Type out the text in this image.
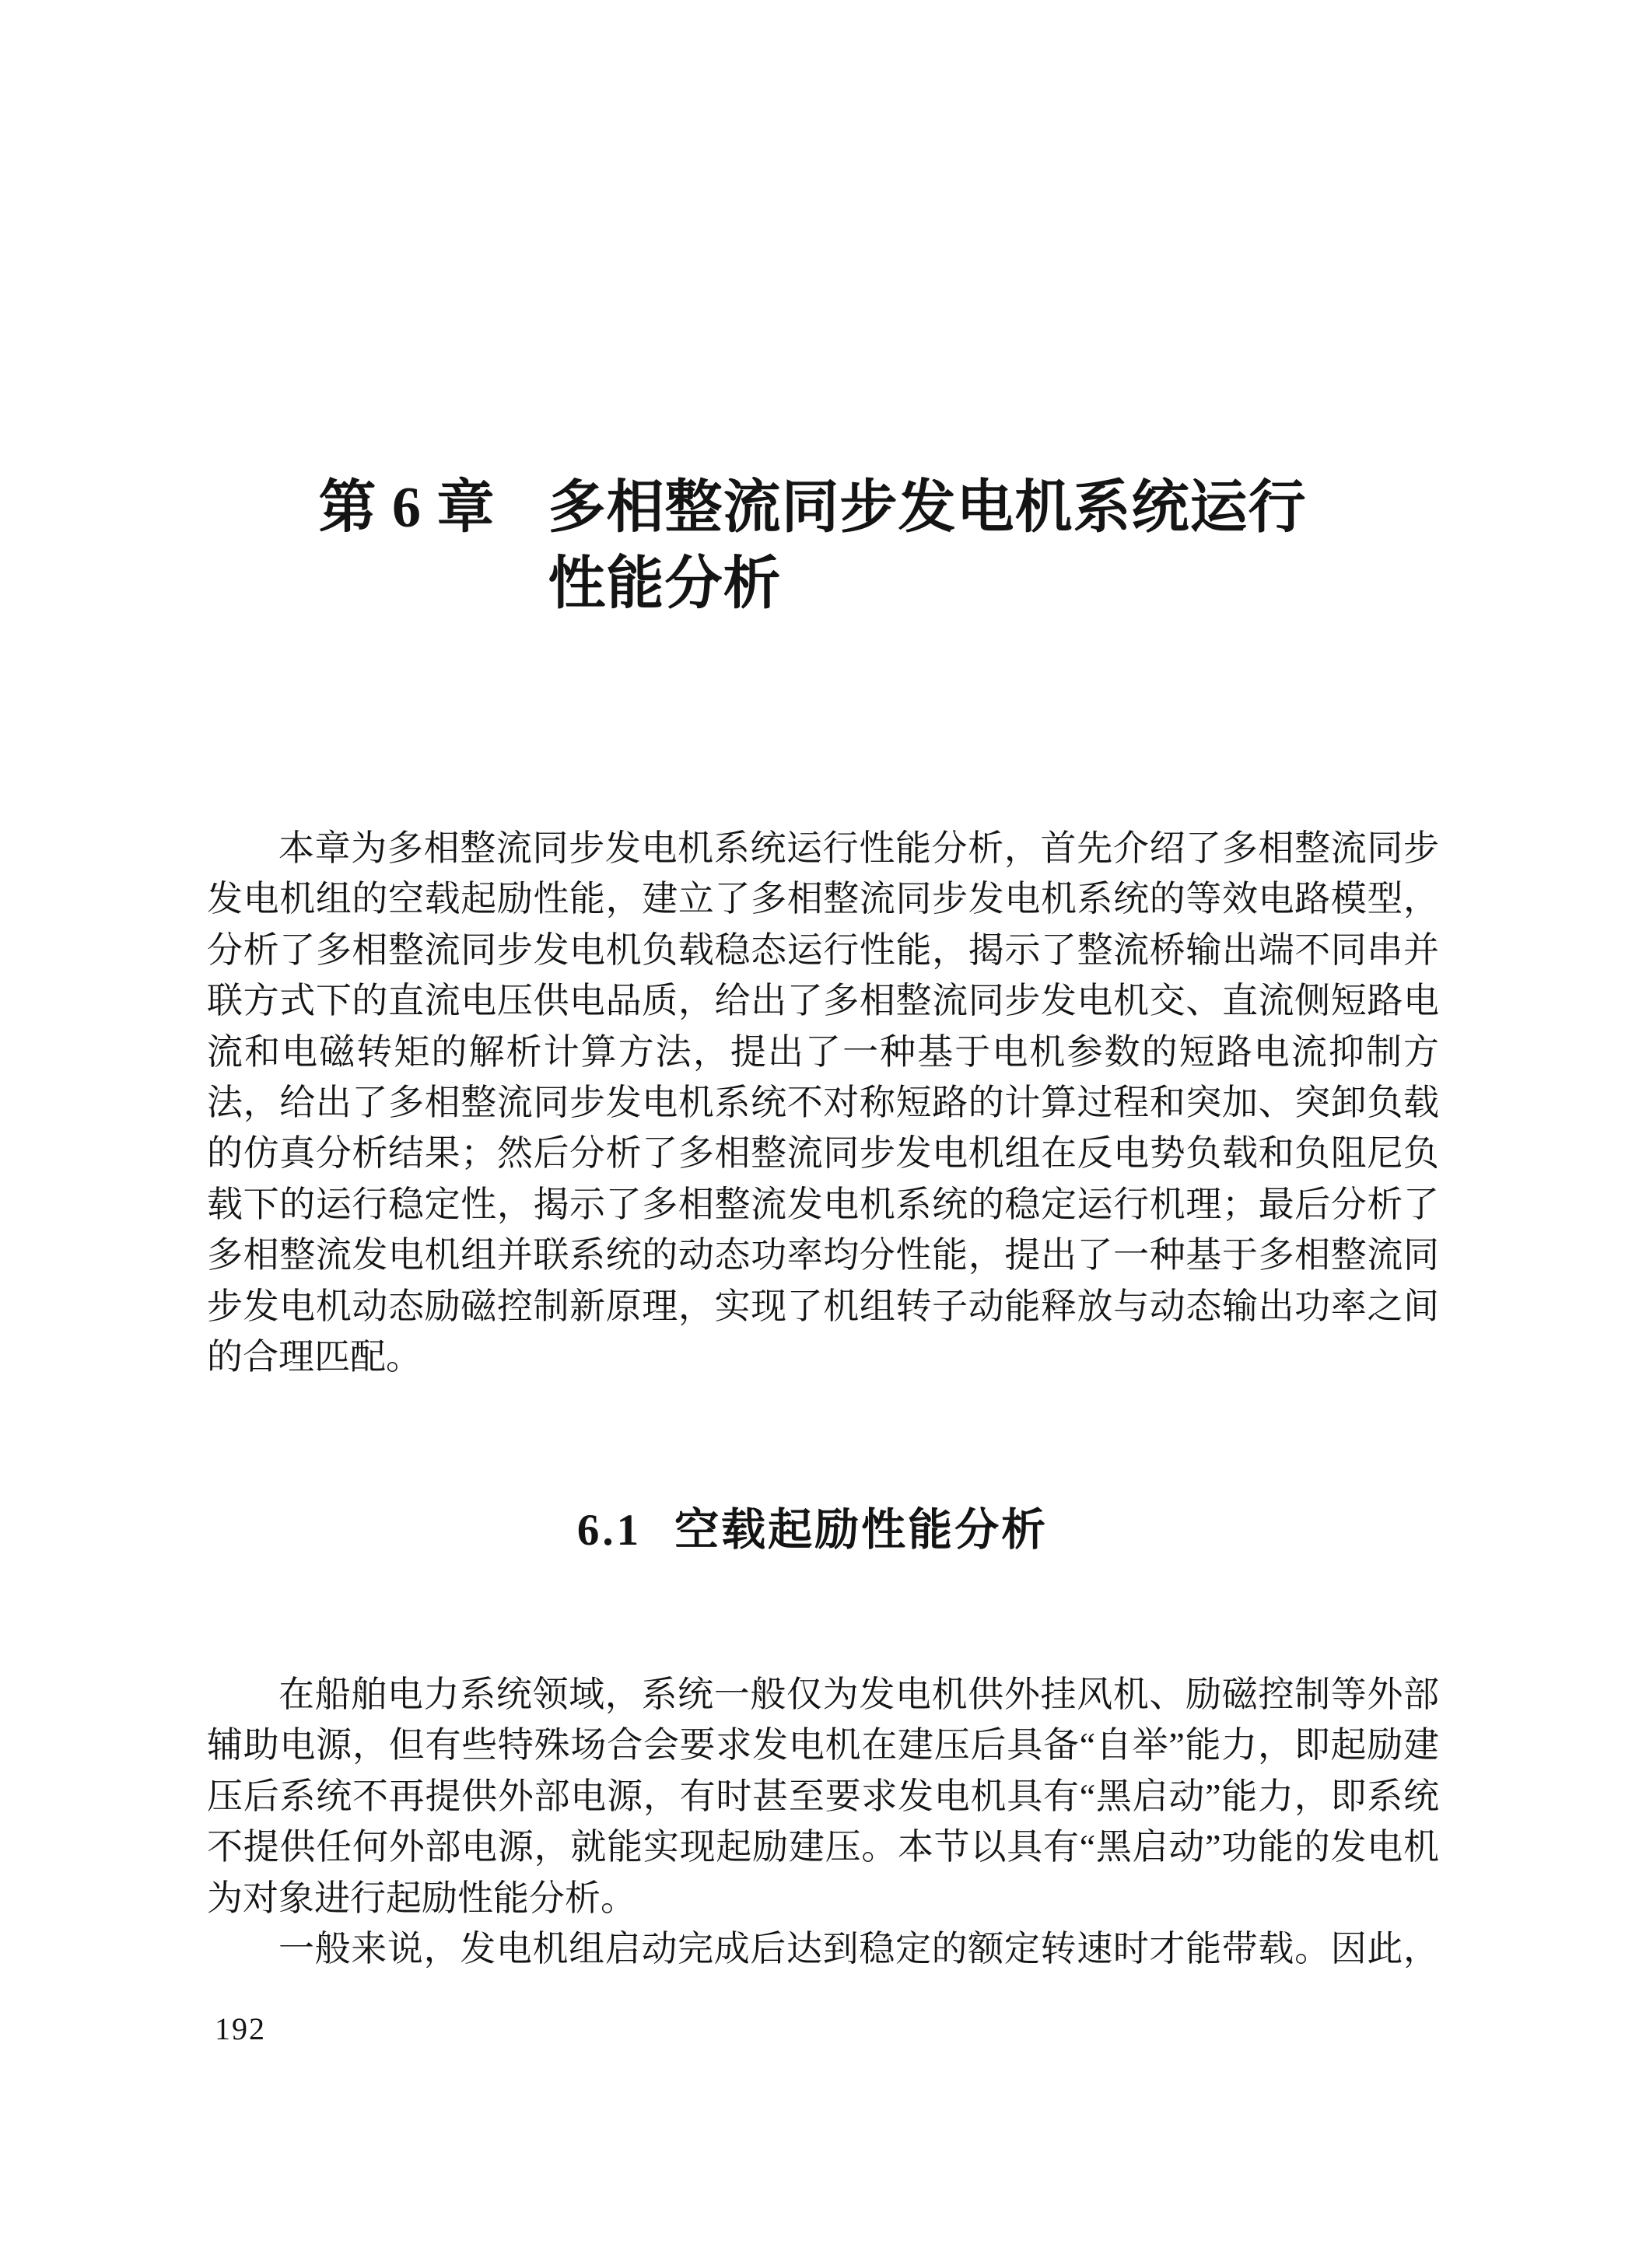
第 6 章 多相整流同步发电机系统运行
性能分析
本章为多相整流同步发电机系统运行性能分析，首先介绍了多相整流同步
发电机组的空载起励性能，建立了多相整流同步发电机系统的等效电路模型，
分析了多相整流同步发电机负载稳态运行性能，揭示了整流桥输出端不同串并
联方式下的直流电压供电品质，给出了多相整流同步发电机交、直流侧短路电
流和电磁转矩的解析计算方法，提出了一种基于电机参数的短路电流抑制方
法，给出了多相整流同步发电机系统不对称短路的计算过程和突加、突卸负载
的仿真分析结果；然后分析了多相整流同步发电机组在反电势负载和负阻尼负
载下的运行稳定性，揭示了多相整流发电机系统的稳定运行机理；最后分析了
多相整流发电机组并联系统的动态功率均分性能，提出了一种基于多相整流同
步发电机动态励磁控制新原理，实现了机组转子动能释放与动态输出功率之间
的合理匹配。
6.1 空载起励性能分析
在船舶电力系统领域，系统一般仅为发电机供外挂风机、励磁控制等外部
辅助电源，但有些特殊场合会要求发电机在建压后具备“自举”能力，即起励建
压后系统不再提供外部电源，有时甚至要求发电机具有“黑启动”能力，即系统
不提供任何外部电源，就能实现起励建压。本节以具有“黑启动”功能的发电机
为对象进行起励性能分析。
一般来说，发电机组启动完成后达到稳定的额定转速时才能带载。因此，
192
